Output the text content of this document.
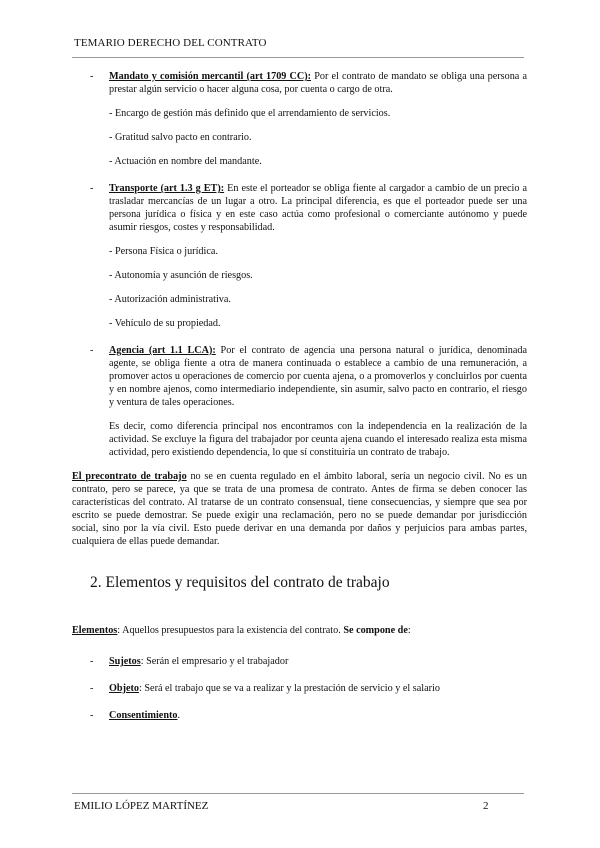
TEMARIO DERECHO DEL CONTRATO
- Mandato y comisión mercantil (art 1709 CC): Por el contrato de mandato se obliga una persona a prestar algún servicio o hacer alguna cosa, por cuenta o cargo de otra.

- Encargo de gestión más definido que el arrendamiento de servicios.

- Gratitud salvo pacto en contrario.

- Actuación en nombre del mandante.

- Transporte (art 1.3 g ET): En este el porteador se obliga fiente al cargador a cambio de un precio a trasladar mercancías de un lugar a otro. La principal diferencia, es que el porteador puede ser una persona jurídica o física y en este caso actúa como profesional o comerciante autónomo y puede asumir riesgos, costes y responsabilidad.

- Persona Física o jurídica.

- Autonomía y asunción de riesgos.

- Autorización administrativa.

- Vehículo de su propiedad.

- Agencia (art 1.1 LCA): Por el contrato de agencia una persona natural o jurídica, denominada agente, se obliga fiente a otra de manera continuada o establece a cambio de una remuneración, a promover actos u operaciones de comercio por cuenta ajena, o a promoverlos y concluirlos por cuenta y en nombre ajenos, como intermediario independiente, sin asumir, salvo pacto en contrario, el riesgo y ventura de tales operaciones.

Es decir, como diferencia principal nos encontramos con la independencia en la realización de la actividad. Se excluye la figura del trabajador por ceunta ajena cuando el interesado realiza esta misma actividad, pero existiendo dependencia, lo que sí constituiría un contrato de trabajo.

El precontrato de trabajo no se en cuenta regulado en el ámbito laboral, sería un negocio civil. No es un contrato, pero se parece, ya que se trata de una promesa de contrato. Antes de firma se deben conocer las características del contrato. Al tratarse de un contrato consensual, tiene consecuencias, y siempre que sea por escrito se puede demostrar. Se puede exigir una reclamación, pero no se puede demandar por jurisdicción social, sino por la vía civil. Esto puede derivar en una demanda por daños y perjuicios para ambas partes, cualquiera de ellas puede demandar.

2. Elementos y requisitos del contrato de trabajo

Elementos: Aquellos presupuestos para la existencia del contrato. Se compone de:

- Sujetos: Serán el empresario y el trabajador

- Objeto: Será el trabajo que se va a realizar y la prestación de servicio y el salario

- Consentimiento.

EMILIO LÓPEZ MARTÍNEZ	2
